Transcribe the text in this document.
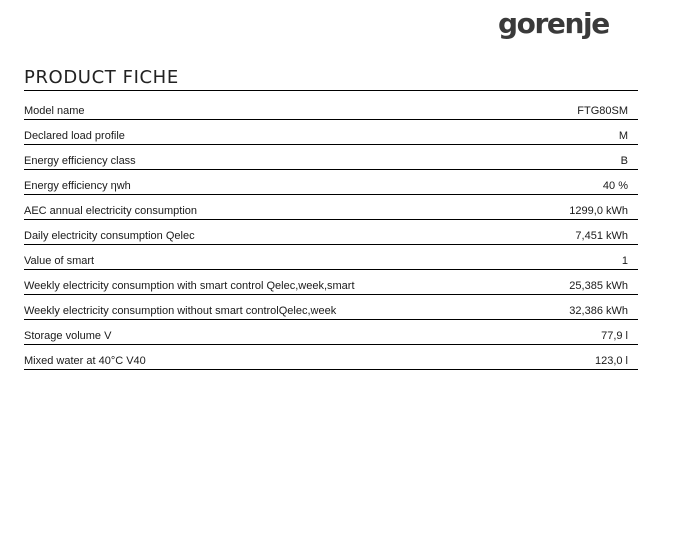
gorenje
PRODUCT FICHE
Model name	FTG80SM
Declared load profile	M
Energy efficiency class	B
Energy efficiency ηwh	40 %
AEC annual electricity consumption	1299,0 kWh
Daily electricity consumption Qelec	7,451 kWh
Value of smart	1
Weekly electricity consumption with smart control Qelec,week,smart	25,385 kWh
Weekly electricity consumption without smart controlQelec,week	32,386 kWh
Storage volume V	77,9 l
Mixed water at 40°C V40	123,0 l
